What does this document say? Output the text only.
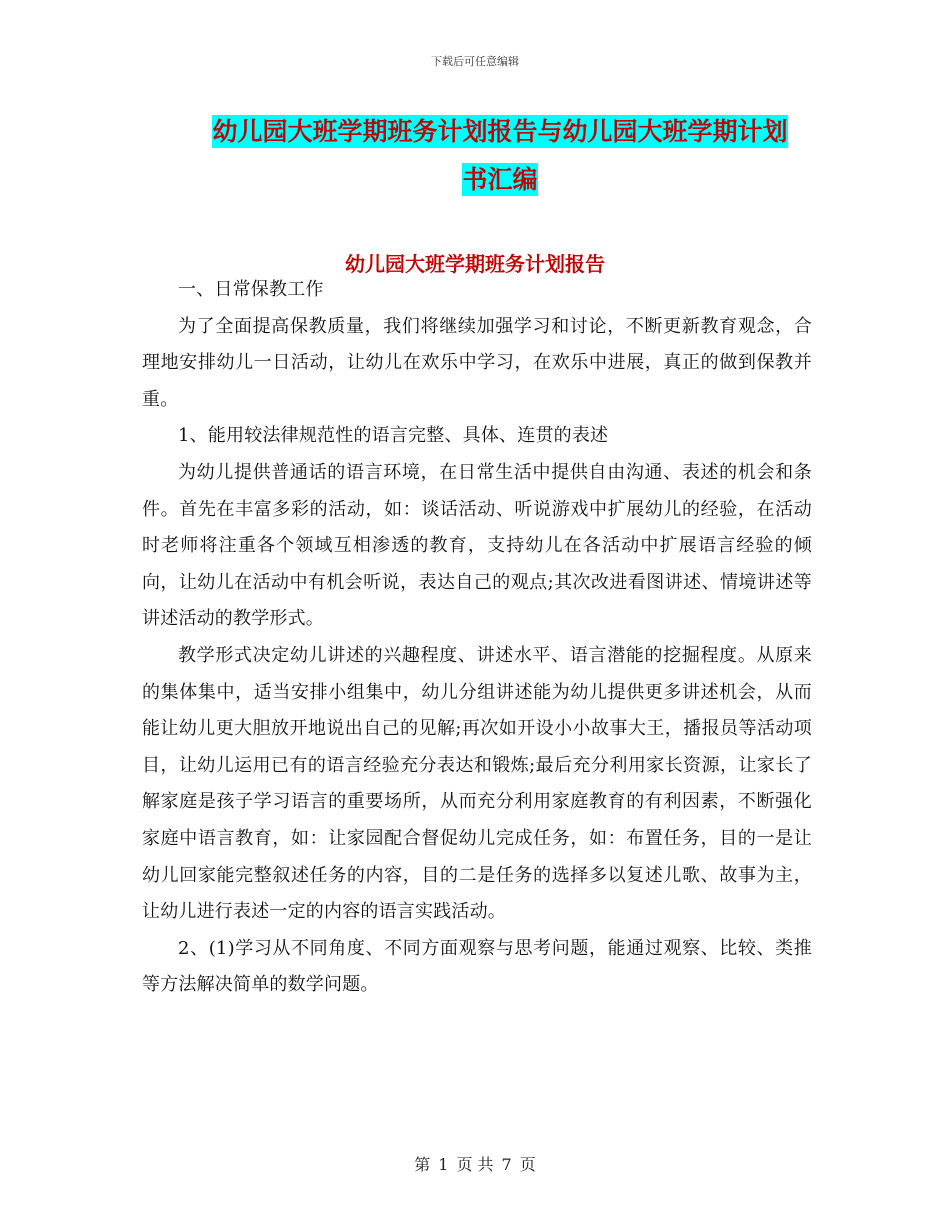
下载后可任意编辑
幼儿园大班学期班务计划报告与幼儿园大班学期计划
书汇编
幼儿园大班学期班务计划报告

一、日常保教工作

为了全面提高保教质量，我们将继续加强学习和讨论，不断更新教育观念，合理地安排幼儿一日活动，让幼儿在欢乐中学习，在欢乐中进展，真正的做到保教并重。

1、能用较法律规范性的语言完整、具体、连贯的表述

为幼儿提供普通话的语言环境，在日常生活中提供自由沟通、表述的机会和条件。首先在丰富多彩的活动，如：谈话活动、听说游戏中扩展幼儿的经验，在活动时老师将注重各个领域互相渗透的教育，支持幼儿在各活动中扩展语言经验的倾向，让幼儿在活动中有机会听说，表达自己的观点;其次改进看图讲述、情境讲述等讲述活动的教学形式。

教学形式决定幼儿讲述的兴趣程度、讲述水平、语言潜能的挖掘程度。从原来的集体集中，适当安排小组集中，幼儿分组讲述能为幼儿提供更多讲述机会，从而能让幼儿更大胆放开地说出自己的见解;再次如开设小小故事大王，播报员等活动项目，让幼儿运用已有的语言经验充分表达和锻炼;最后充分利用家长资源，让家长了解家庭是孩子学习语言的重要场所，从而充分利用家庭教育的有利因素，不断强化家庭中语言教育，如：让家园配合督促幼儿完成任务，如：布置任务，目的一是让幼儿回家能完整叙述任务的内容，目的二是任务的选择多以复述儿歌、故事为主，让幼儿进行表述一定的内容的语言实践活动。

2、(1)学习从不同角度、不同方面观察与思考问题，能通过观察、比较、类推等方法解决简单的数学问题。

第 1 页 共 7 页
